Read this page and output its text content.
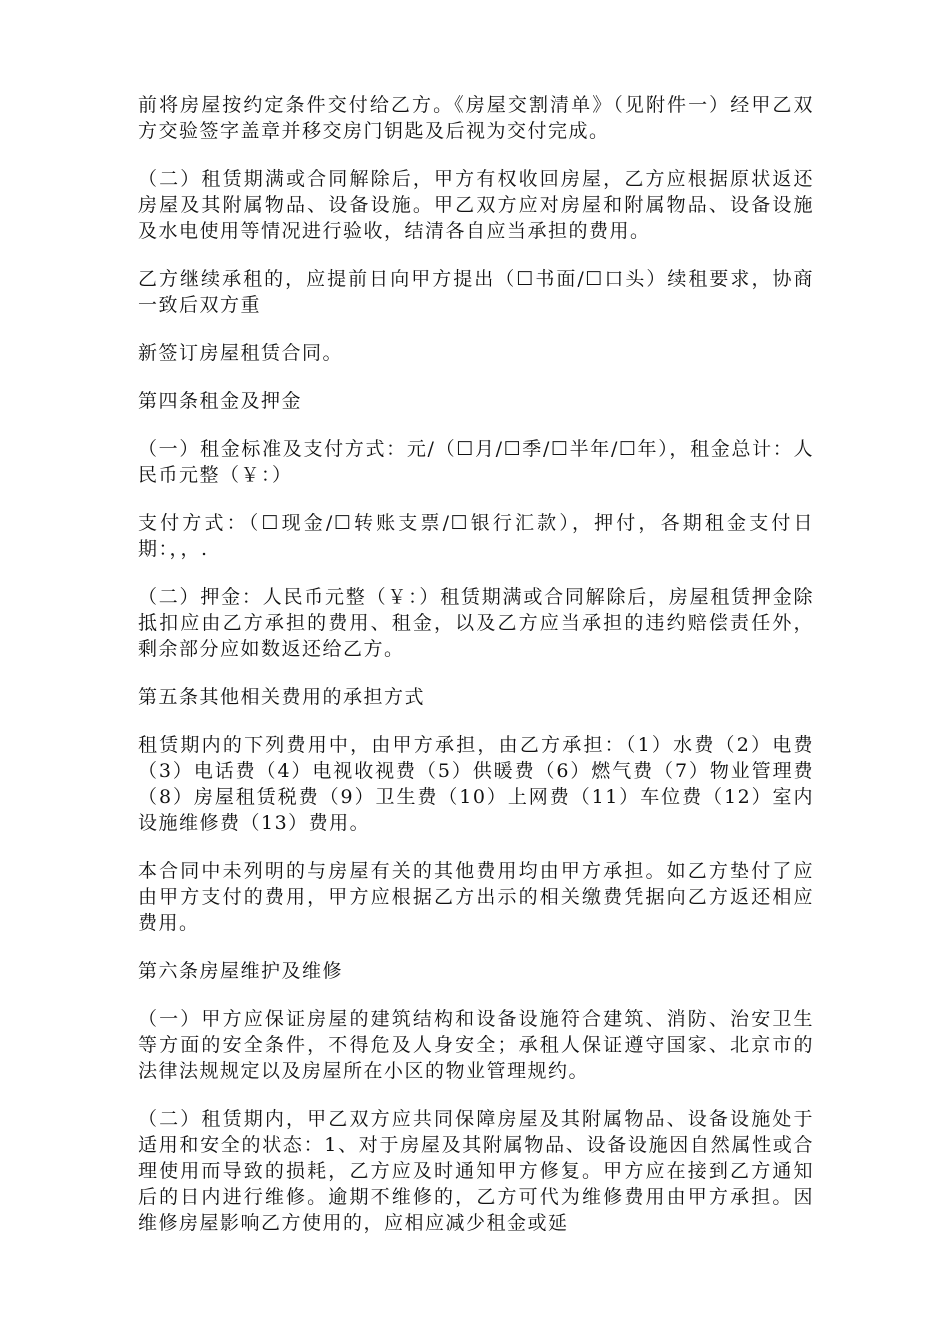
前将房屋按约定条件交付给乙方。《房屋交割清单》（见附件一）经甲乙双方交验签字盖章并移交房门钥匙及后视为交付完成。

（二）租赁期满或合同解除后，甲方有权收回房屋，乙方应根据原状返还房屋及其附属物品、设备设施。甲乙双方应对房屋和附属物品、设备设施及水电使用等情况进行验收，结清各自应当承担的费用。

乙方继续承租的，应提前日向甲方提出（☐书面/☐口头）续租要求，协商一致后双方重

新签订房屋租赁合同。

第四条租金及押金

（一）租金标准及支付方式：元/（☐月/☐季/☐半年/☐年），租金总计：人民币元整（￥：）

支付方式：（☐现金/☐转账支票/☐银行汇款），押付，各期租金支付日期：，，.

（二）押金：人民币元整（￥：）租赁期满或合同解除后，房屋租赁押金除抵扣应由乙方承担的费用、租金，以及乙方应当承担的违约赔偿责任外，剩余部分应如数返还给乙方。

第五条其他相关费用的承担方式

租赁期内的下列费用中，由甲方承担，由乙方承担：（1）水费（2）电费（3）电话费（4）电视收视费（5）供暖费（6）燃气费（7）物业管理费（8）房屋租赁税费（9）卫生费（10）上网费（11）车位费（12）室内设施维修费（13）费用。

本合同中未列明的与房屋有关的其他费用均由甲方承担。如乙方垫付了应由甲方支付的费用，甲方应根据乙方出示的相关缴费凭据向乙方返还相应费用。

第六条房屋维护及维修

（一）甲方应保证房屋的建筑结构和设备设施符合建筑、消防、治安卫生等方面的安全条件，不得危及人身安全；承租人保证遵守国家、北京市的法律法规规定以及房屋所在小区的物业管理规约。

（二）租赁期内，甲乙双方应共同保障房屋及其附属物品、设备设施处于适用和安全的状态：1、对于房屋及其附属物品、设备设施因自然属性或合理使用而导致的损耗，乙方应及时通知甲方修复。甲方应在接到乙方通知后的日内进行维修。逾期不维修的，乙方可代为维修费用由甲方承担。因维修房屋影响乙方使用的，应相应减少租金或延
